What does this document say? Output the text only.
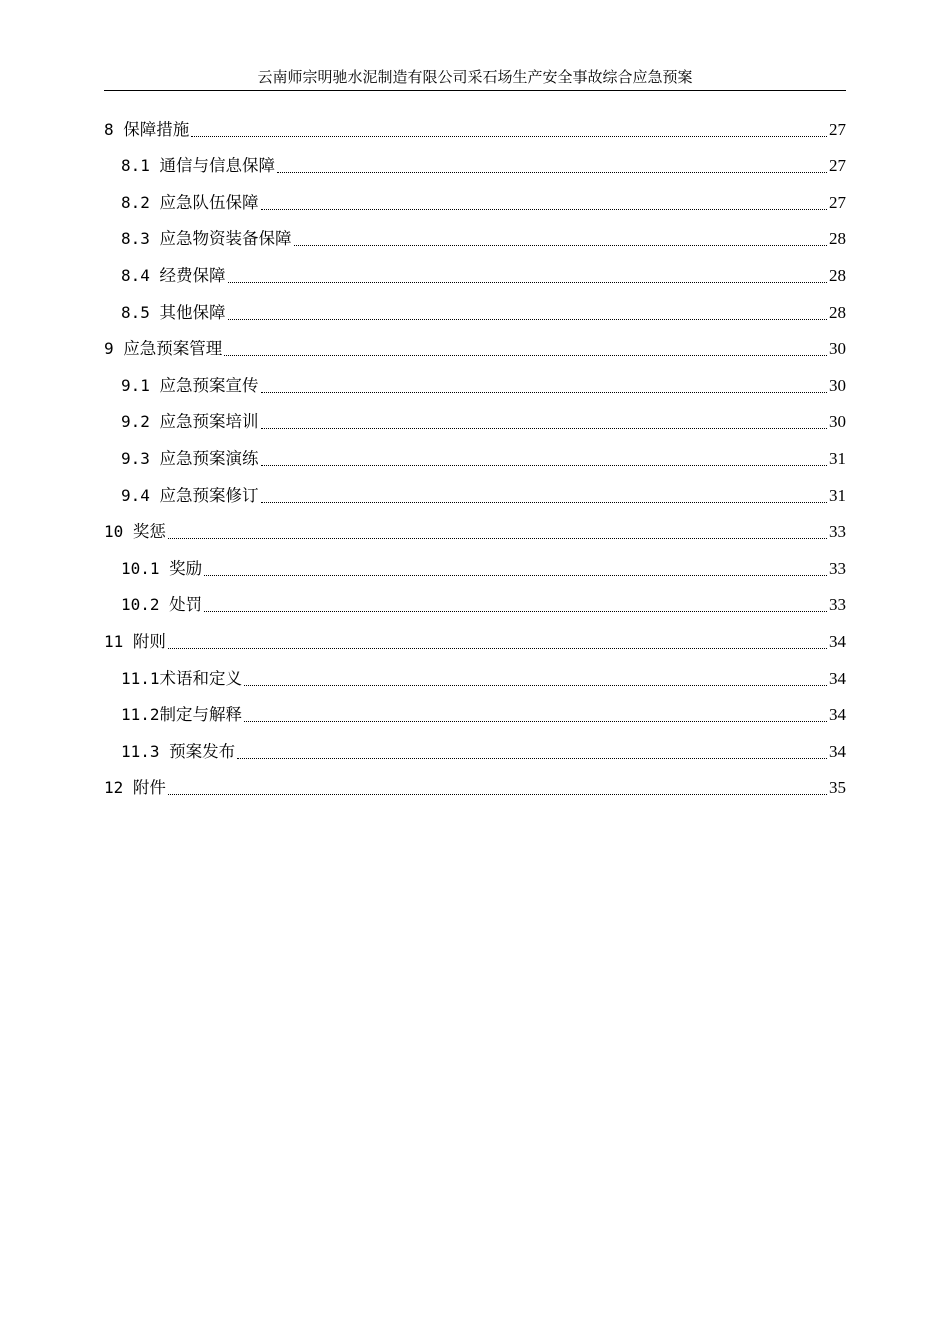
云南师宗明驰水泥制造有限公司采石场生产安全事故综合应急预案
8 保障措施	27
8.1 通信与信息保障	27
8.2 应急队伍保障	27
8.3 应急物资装备保障	28
8.4 经费保障	28
8.5 其他保障	28
9 应急预案管理	30
9.1 应急预案宣传	30
9.2 应急预案培训	30
9.3 应急预案演练	31
9.4 应急预案修订	31
10 奖惩	33
10.1 奖励	33
10.2 处罚	33
11 附则	34
11.1 术语和定义	34
11.2 制定与解释	34
11.3 预案发布	34
12 附件	35
